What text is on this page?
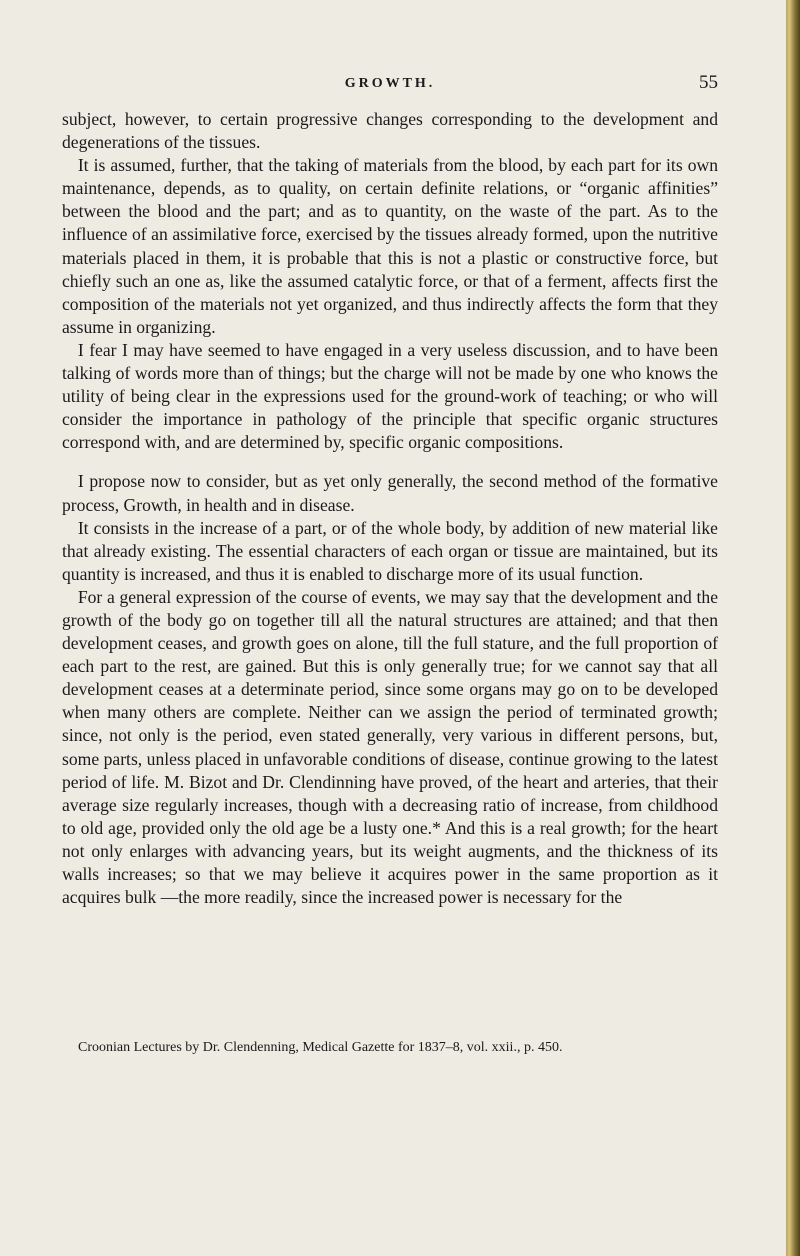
GROWTH.	55

subject, however, to certain progressive changes corresponding to the development and degenerations of the tissues.

It is assumed, further, that the taking of materials from the blood, by each part for its own maintenance, depends, as to quality, on certain definite relations, or “organic affinities” between the blood and the part; and as to quantity, on the waste of the part. As to the influence of an assimilative force, exercised by the tissues already formed, upon the nutritive materials placed in them, it is probable that this is not a plastic or constructive force, but chiefly such an one as, like the assumed catalytic force, or that of a ferment, affects first the composition of the materials not yet organized, and thus indirectly affects the form that they assume in organizing.

I fear I may have seemed to have engaged in a very useless discussion, and to have been talking of words more than of things; but the charge will not be made by one who knows the utility of being clear in the expressions used for the ground-work of teaching; or who will consider the importance in pathology of the principle that specific organic structures correspond with, and are determined by, specific organic compositions.

I propose now to consider, but as yet only generally, the second method of the formative process, Growth, in health and in disease.

It consists in the increase of a part, or of the whole body, by addition of new material like that already existing. The essential characters of each organ or tissue are maintained, but its quantity is increased, and thus it is enabled to discharge more of its usual function.

For a general expression of the course of events, we may say that the development and the growth of the body go on together till all the natural structures are attained; and that then development ceases, and growth goes on alone, till the full stature, and the full proportion of each part to the rest, are gained. But this is only generally true; for we cannot say that all development ceases at a determinate period, since some organs may go on to be developed when many others are complete. Neither can we assign the period of terminated growth; since, not only is the period, even stated generally, very various in different persons, but, some parts, unless placed in unfavorable conditions of disease, continue growing to the latest period of life. M. Bizot and Dr. Clendinning have proved, of the heart and arteries, that their average size regularly increases, though with a decreasing ratio of increase, from childhood to old age, provided only the old age be a lusty one.* And this is a real growth; for the heart not only enlarges with advancing years, but its weight augments, and the thickness of its walls increases; so that we may believe it acquires power in the same proportion as it acquires bulk —the more readily, since the increased power is necessary for the

Croonian Lectures by Dr. Clendenning, Medical Gazette for 1837–8, vol. xxii., p. 450.
